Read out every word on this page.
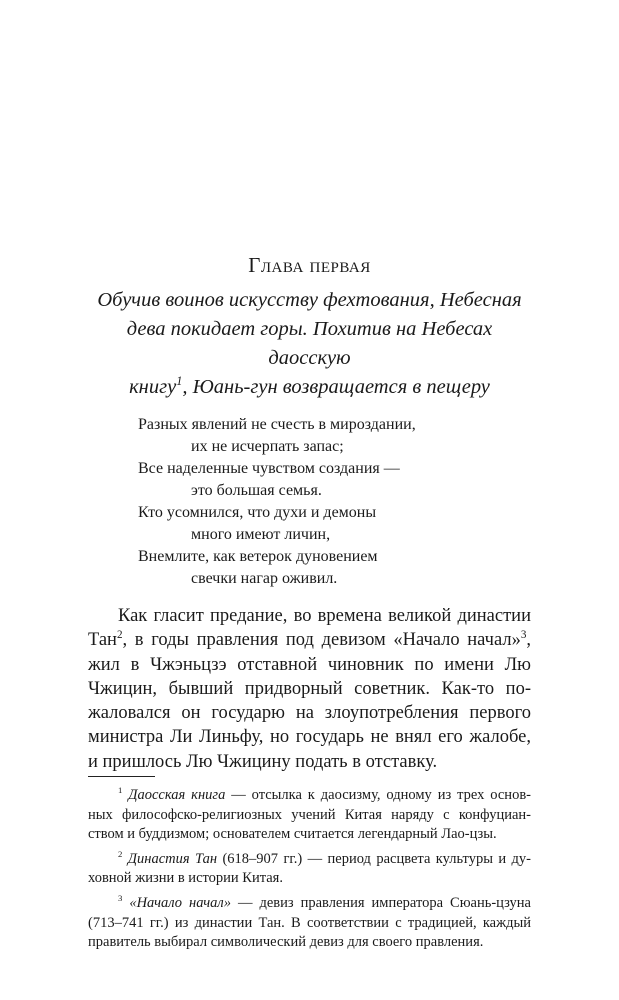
Глава первая
Обучив воинов искусству фехтования, Небесная
дева покидает горы. Похитив на Небесах даосскую
книгу$^1$, Юань-гун возвращается в пещеру
Разных явлений не счесть в мироздании,
их не исчерпать запас;
Все наделенные чувством создания —
это большая семья.
Кто усомнился, что духи и демоны
много имеют личин,
Внемлите, как ветерок дуновением
свечки нагар оживил.
Как гласит предание, во времена великой династии
Тан$^2$, в годы правления под девизом «Начало начал»$^3$,
жил в Чжэньцзэ отставной чиновник по имени Лю
Чжицин, бывший придворный советник. Как-то по-
жаловался он государю на злоупотребления первого
министра Ли Линьфу, но государь не внял его жалобе,
и пришлось Лю Чжицину подать в отставку.
$^1$ Даосская книга — отсылка к даосизму, одному из трех основ-
ных философско-религиозных учений Китая наряду с конфуциан-
ством и буддизмом; основателем считается легендарный Лао-цзы.
$^2$ Династия Тан (618–907 гг.) — период расцвета культуры и ду-
ховной жизни в истории Китая.
$^3$ «Начало начал» — девиз правления императора Сюань-цзуна
(713–741 гг.) из династии Тан. В соответствии с традицией, каждый
правитель выбирал символический девиз для своего правления.
